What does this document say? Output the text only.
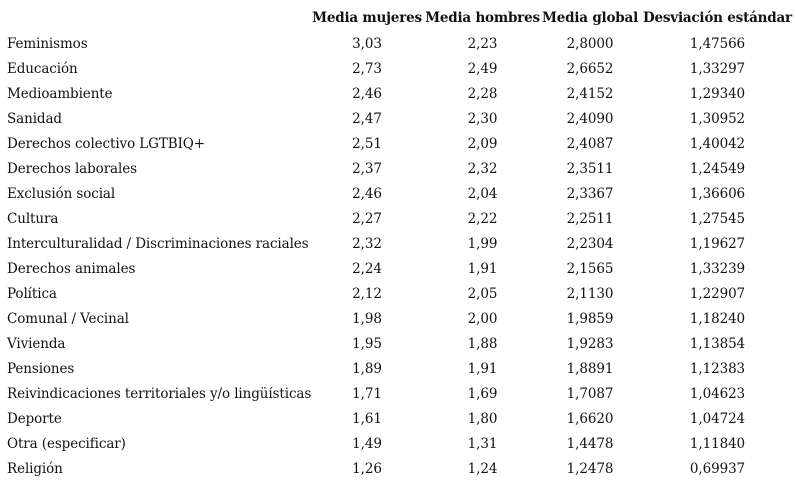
	Media mujeres	Media hombres	Media global	Desviación estándar
Feminismos	3,03	2,23	2,8000	1,47566
Educación	2,73	2,49	2,6652	1,33297
Medioambiente	2,46	2,28	2,4152	1,29340
Sanidad	2,47	2,30	2,4090	1,30952
Derechos colectivo LGTBIQ+	2,51	2,09	2,4087	1,40042
Derechos laborales	2,37	2,32	2,3511	1,24549
Exclusión social	2,46	2,04	2,3367	1,36606
Cultura	2,27	2,22	2,2511	1,27545
Interculturalidad / Discriminaciones raciales	2,32	1,99	2,2304	1,19627
Derechos animales	2,24	1,91	2,1565	1,33239
Política	2,12	2,05	2,1130	1,22907
Comunal / Vecinal	1,98	2,00	1,9859	1,18240
Vivienda	1,95	1,88	1,9283	1,13854
Pensiones	1,89	1,91	1,8891	1,12383
Reivindicaciones territoriales y/o lingüísticas	1,71	1,69	1,7087	1,04623
Deporte	1,61	1,80	1,6620	1,04724
Otra (especificar)	1,49	1,31	1,4478	1,11840
Religión	1,26	1,24	1,2478	0,69937
